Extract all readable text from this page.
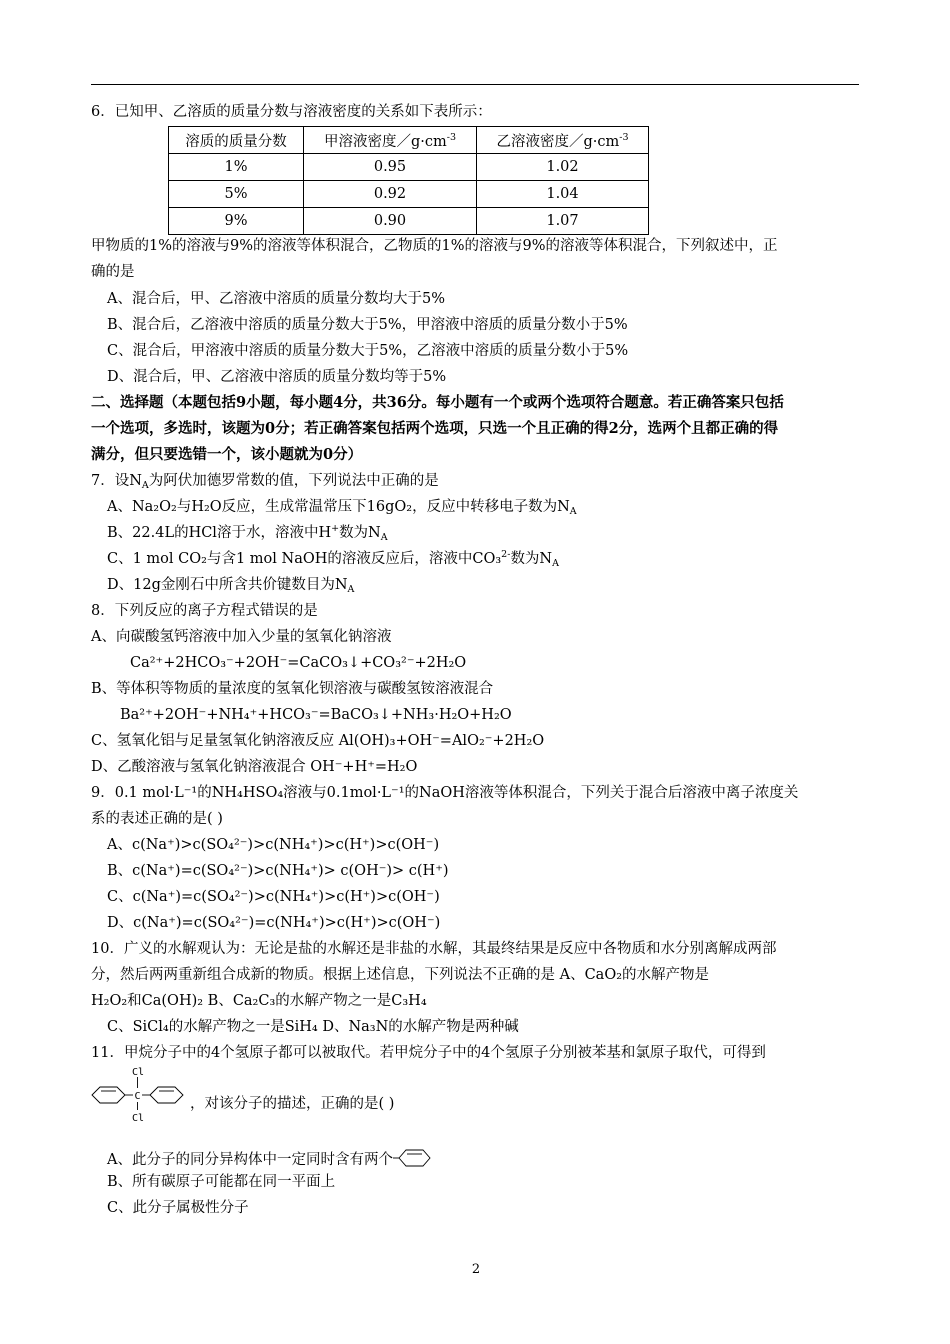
6．已知甲、乙溶质的质量分数与溶液密度的关系如下表所示：
溶质的质量分数	甲溶液密度$/g\cdot cm^{-3}$	乙溶液密度$/g\cdot cm^{-3}$
1%	0.95	1.02
5%	0.92	1.04
9%	0.90	1.07
甲物质的1%的溶液与9%的溶液等体积混合，乙物质的1%的溶液与9%的溶液等体积混合，下列叙述中，正
确的是
A、混合后，甲、乙溶液中溶质的质量分数均大于5%
B、混合后，乙溶液中溶质的质量分数大于5%，甲溶液中溶质的质量分数小于5%
C、混合后，甲溶液中溶质的质量分数大于5%，乙溶液中溶质的质量分数小于5%
D、混合后，甲、乙溶液中溶质的质量分数均等于5%
二、选择题（本题包括9小题，每小题4分，共36分。每小题有一个或两个选项符合题意。若正确答案只包括
一个选项，多选时，该题为0分；若正确答案包括两个选项，只选一个且正确的得2分，选两个且都正确的得
满分，但只要选错一个，该小题就为0分）
7．设$N_A$为阿伏加德罗常数的值，下列说法中正确的是
A、Na₂O₂与H₂O反应，生成常温常压下16gO₂，反应中转移电子数为$N_A$
B、22.4L的HCl溶于水，溶液中H+数为$N_A$
C、1 mol CO₂与含1 mol NaOH的溶液反应后，溶液中CO₃$^{2-}$数为$N_A$
D、12g金刚石中所含共价键数目为$N_A$
8．下列反应的离子方程式错误的是
A、向碳酸氢钙溶液中加入少量的氢氧化钠溶液
Ca²⁺+2HCO₃⁻+2OH⁻=CaCO₃↓+CO₃²⁻+2H₂O
B、等体积等物质的量浓度的氢氧化钡溶液与碳酸氢铵溶液混合
Ba²⁺+2OH⁻+NH₄⁺+HCO₃⁻=BaCO₃↓+NH₃·H₂O+H₂O
C、氢氧化铝与足量氢氧化钠溶液反应 Al(OH)₃+OH⁻=AlO₂⁻+2H₂O
D、乙酸溶液与氢氧化钠溶液混合 OH⁻+H⁺=H₂O
9．0.1 mol·L⁻¹的NH₄HSO₄溶液与0.1mol·L⁻¹的NaOH溶液等体积混合，下列关于混合后溶液中离子浓度关
系的表述正确的是( )
A、c(Na⁺)>c(SO₄²⁻)>c(NH₄⁺)>c(H⁺)>c(OH⁻)
B、c(Na⁺)=c(SO₄²⁻)>c(NH₄⁺)> c(OH⁻)> c(H⁺)
C、c(Na⁺)=c(SO₄²⁻)>c(NH₄⁺)>c(H⁺)>c(OH⁻)
D、c(Na⁺)=c(SO₄²⁻)=c(NH₄⁺)>c(H⁺)>c(OH⁻)
10．广义的水解观认为：无论是盐的水解还是非盐的水解，其最终结果是反应中各物质和水分别离解成两部
分，然后两两重新组合成新的物质。根据上述信息，下列说法不正确的是 A、CaO₂的水解产物是
H₂O₂和Ca(OH)₂ B、Ca₂C₃的水解产物之一是C₃H₄
C、SiCl₄的水解产物之一是SiH₄ D、Na₃N的水解产物是两种碱
11．甲烷分子中的4个氢原子都可以被取代。若甲烷分子中的4个氢原子分别被苯基和氯原子取代，可得到
Cl
C
Cl
，对该分子的描述，正确的是( )
A、此分子的同分异构体中一定同时含有两个
B、所有碳原子可能都在同一平面上
C、此分子属极性分子
2
